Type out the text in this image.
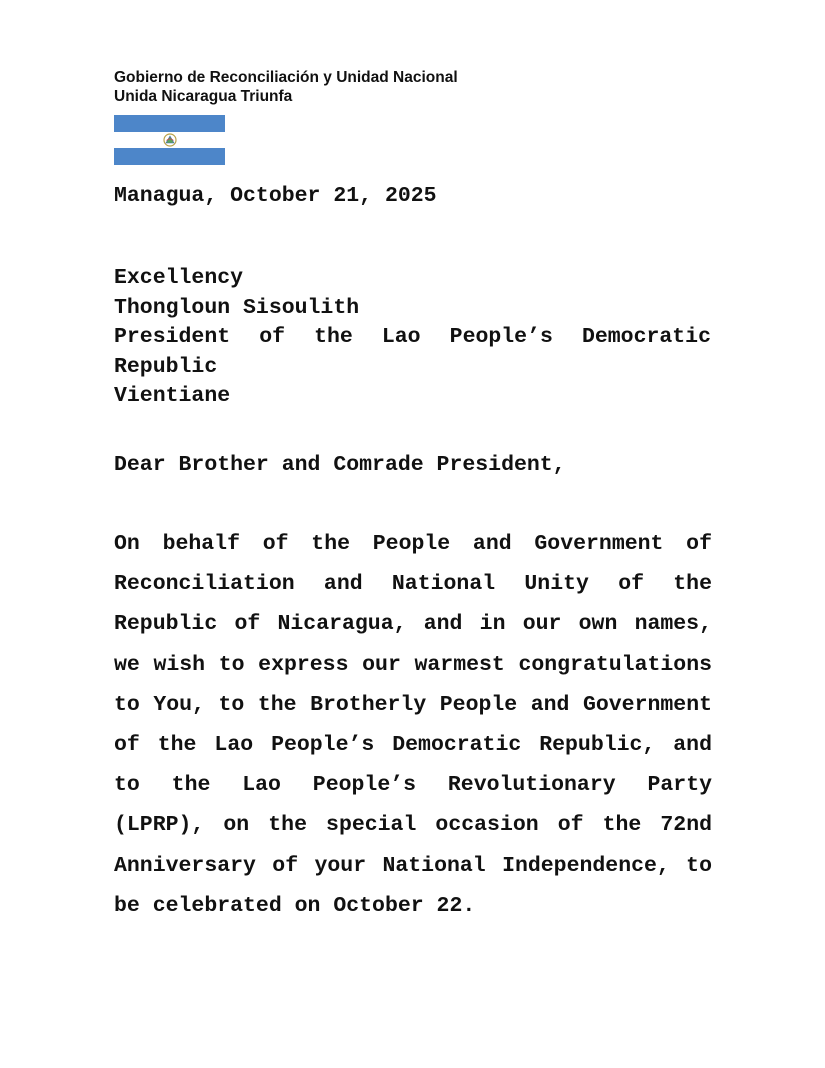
Gobierno de Reconciliación y Unidad Nacional
Unida Nicaragua Triunfa
Managua, October 21, 2025
Excellency
Thongloun Sisoulith
President of the Lao People’s Democratic
Republic
Vientiane
Dear Brother and Comrade President,

On behalf of the People and Government of Reconciliation and National Unity of the Republic of Nicaragua, and in our own names, we wish to express our warmest congratulations to You, to the Brotherly People and Government of the Lao People’s Democratic Republic, and to the Lao People’s Revolutionary Party (LPRP), on the special occasion of the 72nd Anniversary of your National Independence, to be celebrated on October 22.
